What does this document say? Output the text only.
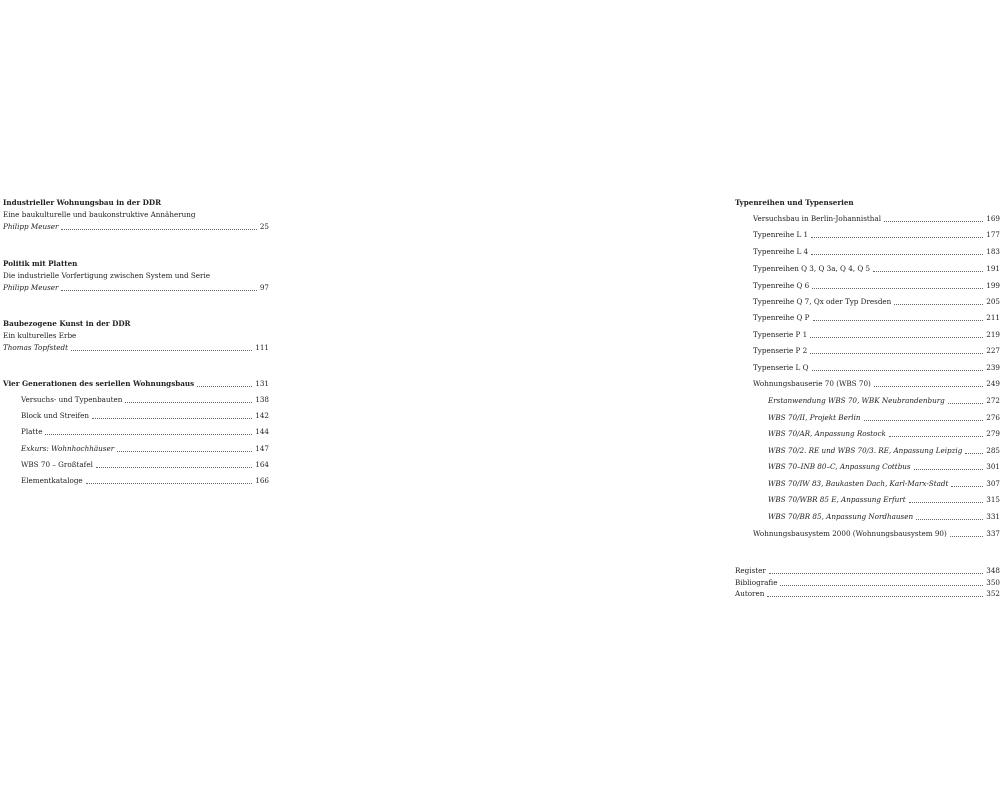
Industrieller Wohnungsbau in der DDR
Eine baukulturelle und baukonstruktive Annäherung
Philipp Meuser	25
Politik mit Platten
Die industrielle Vorfertigung zwischen System und Serie
Philipp Meuser	97
Baubezogene Kunst in der DDR
Ein kulturelles Erbe
Thomas Topfstedt	111
Vier Generationen des seriellen Wohnungsbaus	131
Versuchs- und Typenbauten	138
Block und Streifen	142
Platte	144
Exkurs: Wohnhochhäuser	147
WBS 70 – Großtafel	164
Elementkataloge	166
Typenreihen und Typenserien
Versuchsbau in Berlin-Johannisthal	169
Typenreihe L 1	177
Typenreihe L 4	183
Typenreihen Q 3, Q 3a, Q 4, Q 5	191
Typenreihe Q 6	199
Typenreihe Q 7, Qx oder Typ Dresden	205
Typenreihe Q P	211
Typenserie P 1	219
Typenserie P 2	227
Typenserie L Q	239
Wohnungsbauserie 70 (WBS 70)	249
Erstanwendung WBS 70, WBK Neubrandenburg	272
WBS 70/II, Projekt Berlin	276
WBS 70/AR, Anpassung Rostock	279
WBS 70/2. RE und WBS 70/3. RE, Anpassung Leipzig	285
WBS 70–INB 80–C, Anpassung Cottbus	301
WBS 70/IW 83, Baukasten Dach, Karl-Marx-Stadt	307
WBS 70/WBR 85 E, Anpassung Erfurt	315
WBS 70/BR 85, Anpassung Nordhausen	331
Wohnungsbausystem 2000 (Wohnungsbausystem 90)	337
Register	348
Bibliografie	350
Autoren	352
